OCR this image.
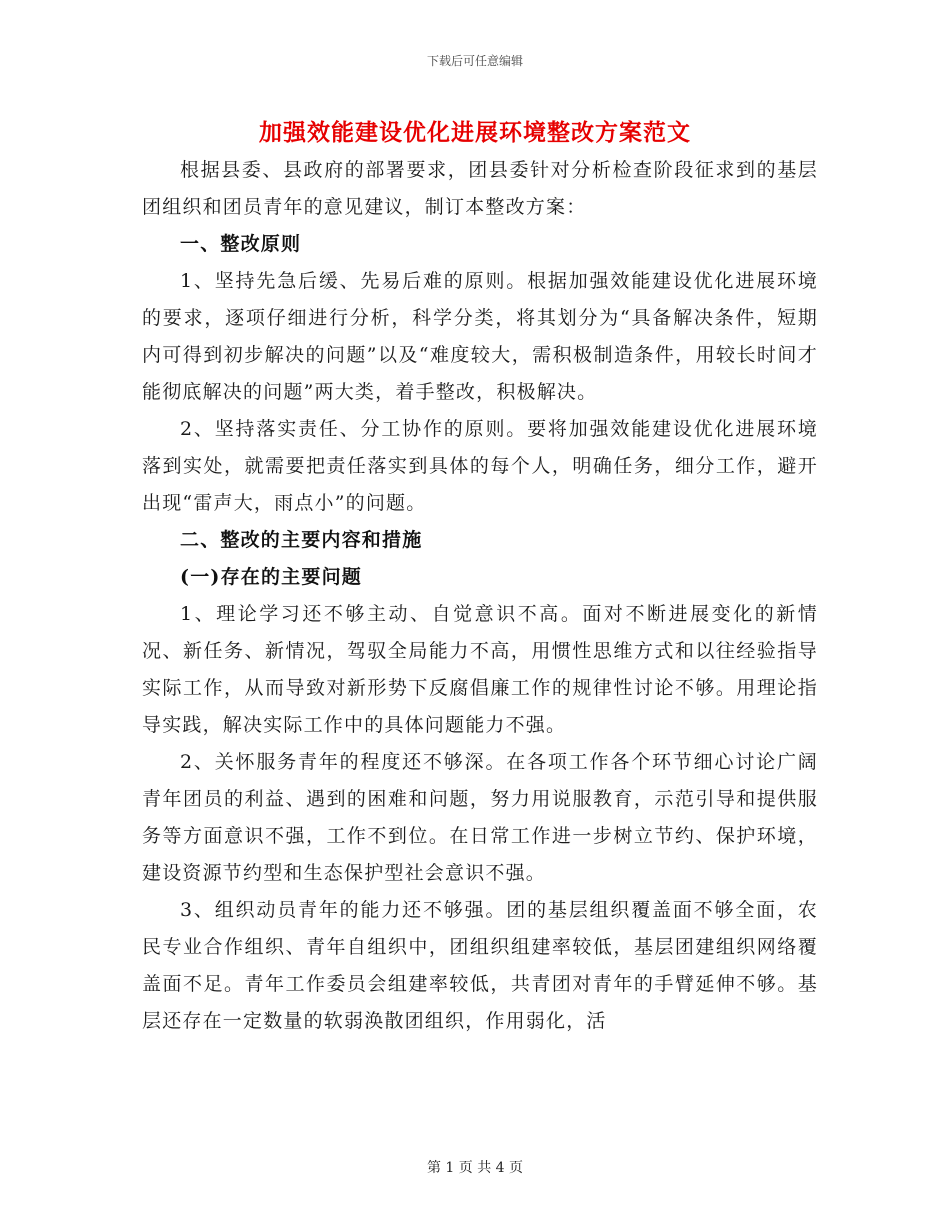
下载后可任意编辑
加强效能建设优化进展环境整改方案范文

根据县委、县政府的部署要求，团县委针对分析检查阶段征求到的基层团组织和团员青年的意见建议，制订本整改方案：

一、整改原则

1、坚持先急后缓、先易后难的原则。根据加强效能建设优化进展环境的要求，逐项仔细进行分析，科学分类，将其划分为“具备解决条件，短期内可得到初步解决的问题”以及“难度较大，需积极制造条件，用较长时间才能彻底解决的问题”两大类，着手整改，积极解决。

2、坚持落实责任、分工协作的原则。要将加强效能建设优化进展环境落到实处，就需要把责任落实到具体的每个人，明确任务，细分工作，避开出现“雷声大，雨点小”的问题。

二、整改的主要内容和措施

(一)存在的主要问题

1、理论学习还不够主动、自觉意识不高。面对不断进展变化的新情况、新任务、新情况，驾驭全局能力不高，用惯性思维方式和以往经验指导实际工作，从而导致对新形势下反腐倡廉工作的规律性讨论不够。用理论指导实践，解决实际工作中的具体问题能力不强。

2、关怀服务青年的程度还不够深。在各项工作各个环节细心讨论广阔青年团员的利益、遇到的困难和问题，努力用说服教育，示范引导和提供服务等方面意识不强，工作不到位。在日常工作进一步树立节约、保护环境，建设资源节约型和生态保护型社会意识不强。

3、组织动员青年的能力还不够强。团的基层组织覆盖面不够全面，农民专业合作组织、青年自组织中，团组织组建率较低，基层团建组织网络覆盖面不足。青年工作委员会组建率较低，共青团对青年的手臂延伸不够。基层还存在一定数量的软弱涣散团组织，作用弱化，活

第 1 页 共 4 页
